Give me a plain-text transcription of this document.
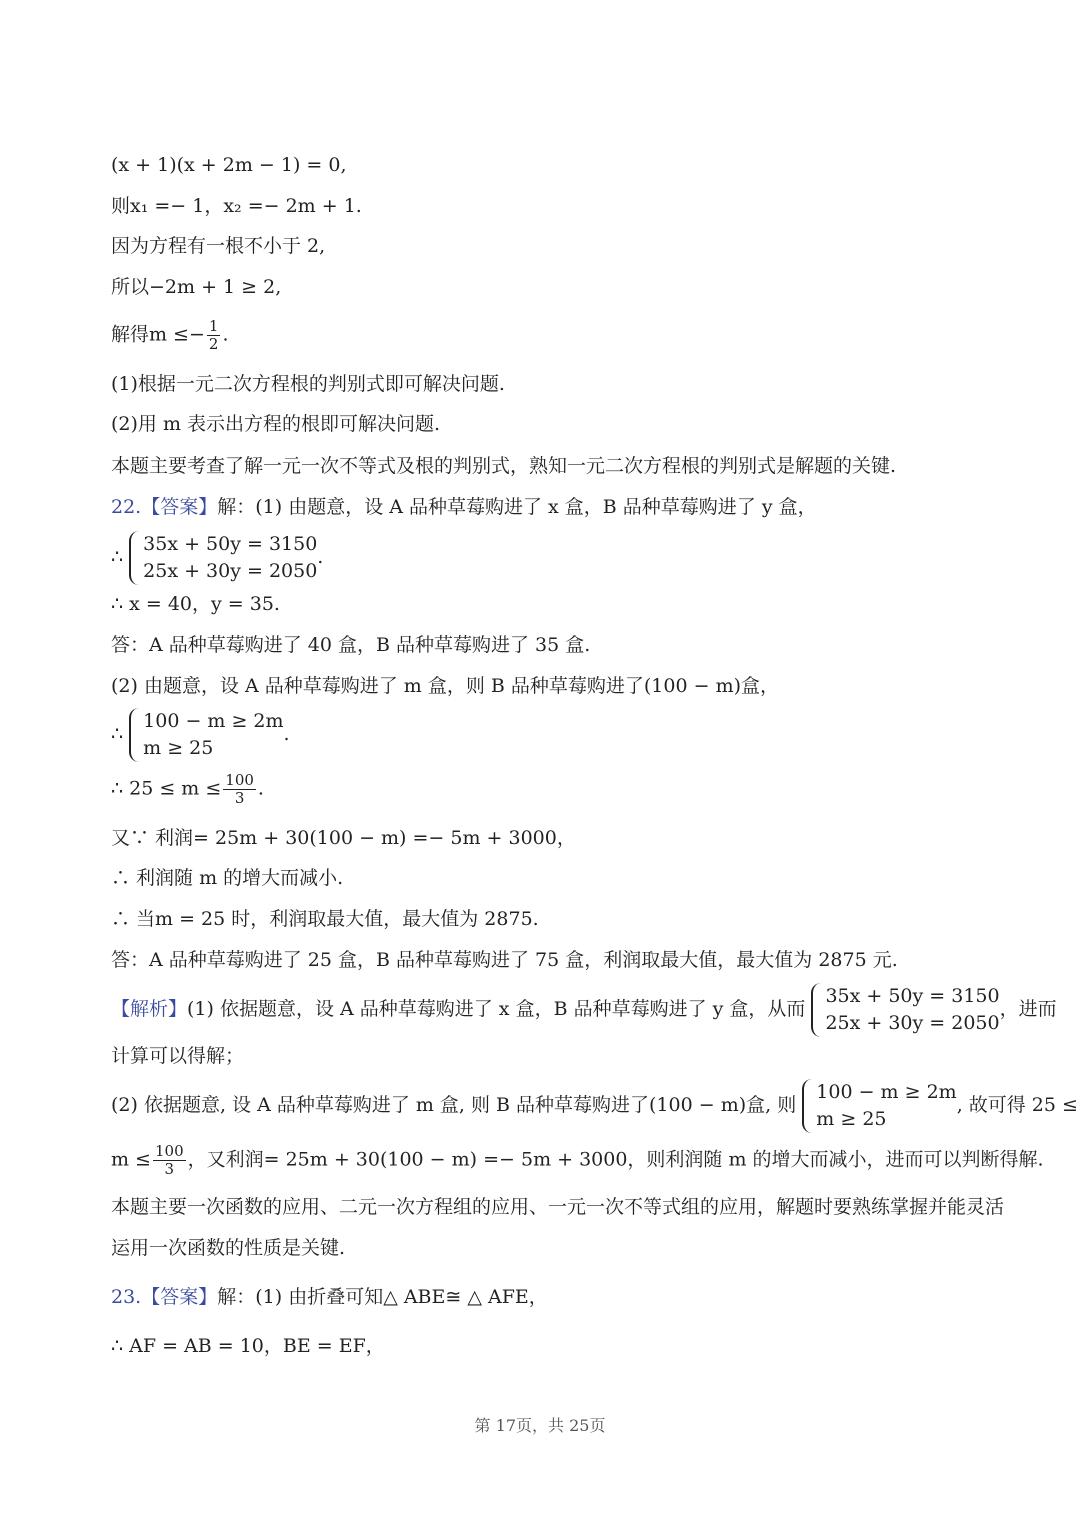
(x + 1)(x + 2m − 1) = 0,
则x₁ =− 1，x₂ =− 2m + 1.
因为方程有一根不小于 2,
所以−2m + 1 ≥ 2,
解得$m \le- \frac{1}{2}$ .
(1)根据一元二次方程根的判别式即可解决问题.
(2)用 m 表示出方程的根即可解决问题.
本题主要考查了解一元一次不等式及根的判别式，熟知一元二次方程根的判别式是解题的关键.
22.【答案】解：(1) 由题意，设 A 品种草莓购进了 x 盒，B 品种草莓购进了 y 盒，
∴
35x + 50y = 3150
25x + 30y = 2050
.
∴ x = 40，y = 35.
答：A 品种草莓购进了 40 盒，B 品种草莓购进了 35 盒.
(2) 由题意，设 A 品种草莓购进了 m 盒，则 B 品种草莓购进了(100 − m)盒，
∴
100 − m ≥ 2m
m ≥ 25
.
∴ $25 \le m \le \frac{100}{3}$ .
又∵ 利润= 25m + 30(100 − m) =− 5m + 3000，
∴ 利润随 m 的增大而减小.
∴ 当m = 25 时，利润取最大值，最大值为 2875.
答：A 品种草莓购进了 25 盒，B 品种草莓购进了 75 盒，利润取最大值，最大值为 2875 元.
【解析】(1) 依据题意，设 A 品种草莓购进了 x 盒，B 品种草莓购进了 y 盒，从而
35x + 50y = 3150
25x + 30y = 2050
，进而
计算可以得解；
(2) 依据题意, 设 A 品种草莓购进了 m 盒, 则 B 品种草莓购进了(100 − m)盒, 则
100 − m ≥ 2m
m ≥ 25
, 故可得 25 ≤
$m \le \frac{100}{3}$ ，又利润= 25m + 30(100 − m) =− 5m + 3000，则利润随 m 的增大而减小，进而可以判断得解.
本题主要一次函数的应用、二元一次方程组的应用、一元一次不等式组的应用，解题时要熟练掌握并能灵活
运用一次函数的性质是关键.
23.【答案】解：(1) 由折叠可知△ ABE≅ △ AFE，
∴ AF = AB = 10，BE = EF，
第 17页，共 25页
